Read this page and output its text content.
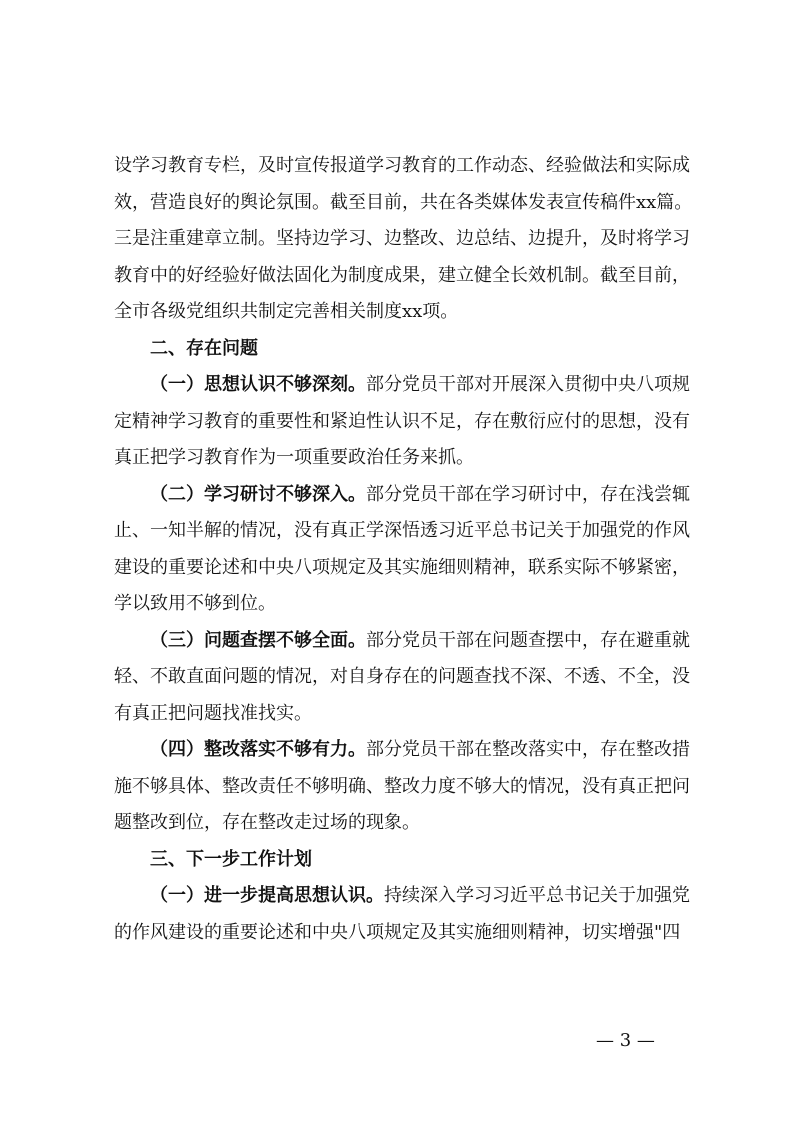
设学习教育专栏，及时宣传报道学习教育的工作动态、经验做法和实际成
效，营造良好的舆论氛围。截至目前，共在各类媒体发表宣传稿件xx篇。
三是注重建章立制。坚持边学习、边整改、边总结、边提升，及时将学习
教育中的好经验好做法固化为制度成果，建立健全长效机制。截至目前，
全市各级党组织共制定完善相关制度xx项。
二、存在问题
（一）思想认识不够深刻。部分党员干部对开展深入贯彻中央八项规
定精神学习教育的重要性和紧迫性认识不足，存在敷衍应付的思想，没有
真正把学习教育作为一项重要政治任务来抓。
（二）学习研讨不够深入。部分党员干部在学习研讨中，存在浅尝辄
止、一知半解的情况，没有真正学深悟透习近平总书记关于加强党的作风
建设的重要论述和中央八项规定及其实施细则精神，联系实际不够紧密，
学以致用不够到位。
（三）问题查摆不够全面。部分党员干部在问题查摆中，存在避重就
轻、不敢直面问题的情况，对自身存在的问题查找不深、不透、不全，没
有真正把问题找准找实。
（四）整改落实不够有力。部分党员干部在整改落实中，存在整改措
施不够具体、整改责任不够明确、整改力度不够大的情况，没有真正把问
题整改到位，存在整改走过场的现象。
三、下一步工作计划
（一）进一步提高思想认识。持续深入学习习近平总书记关于加强党
的作风建设的重要论述和中央八项规定及其实施细则精神，切实增强"四
— 3 —
